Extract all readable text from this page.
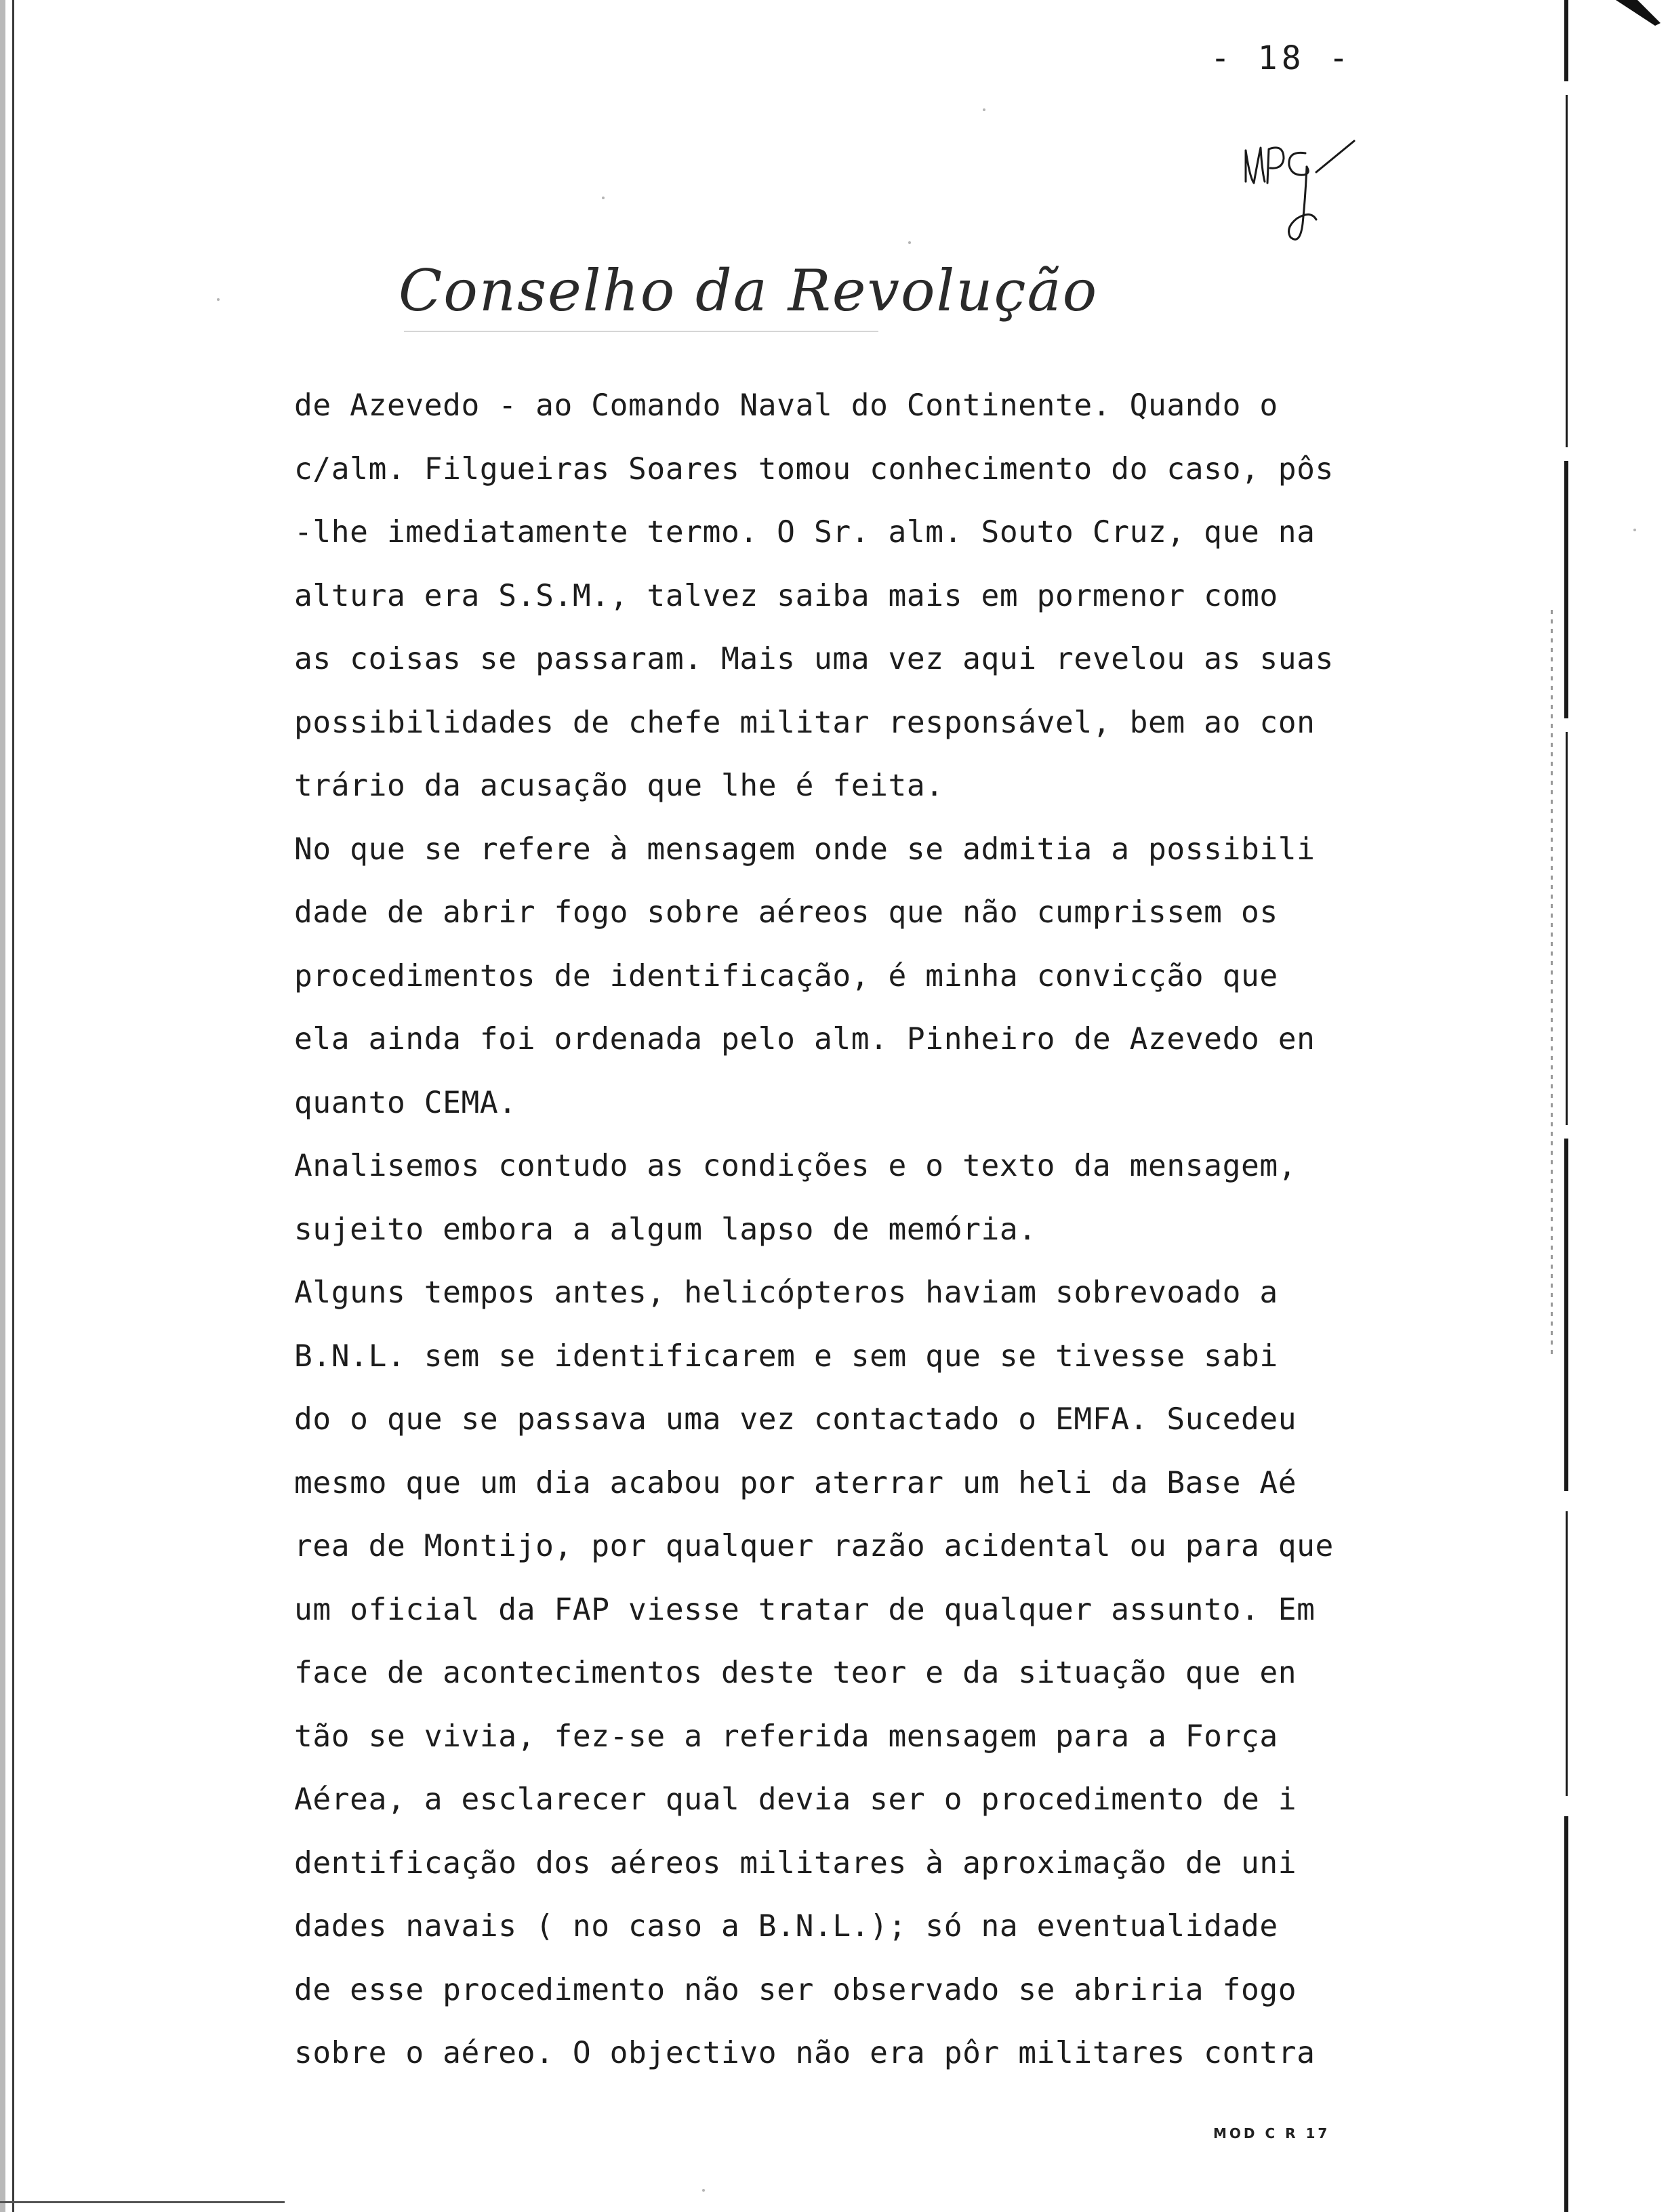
- 18 -
Conselho da Revolução
de Azevedo - ao Comando Naval do Continente. Quando o
c/alm. Filgueiras Soares tomou conhecimento do caso, pôs
-lhe imediatamente termo. O Sr. alm. Souto Cruz, que na
altura era S.S.M., talvez saiba mais em pormenor como
as coisas se passaram. Mais uma vez aqui revelou as suas
possibilidades de chefe militar responsável, bem ao con
trário da acusação que lhe é feita.
No que se refere à mensagem onde se admitia a possibili
dade de abrir fogo sobre aéreos que não cumprissem os
procedimentos de identificação, é minha convicção que
ela ainda foi ordenada pelo alm. Pinheiro de Azevedo en
quanto CEMA.
Analisemos contudo as condições e o texto da mensagem,
sujeito embora a algum lapso de memória.
Alguns tempos antes, helicópteros haviam sobrevoado a
B.N.L. sem se identificarem e sem que se tivesse sabi
do o que se passava uma vez contactado o EMFA. Sucedeu
mesmo que um dia acabou por aterrar um heli da Base Aé
rea de Montijo, por qualquer razão acidental ou para que
um oficial da FAP viesse tratar de qualquer assunto. Em
face de acontecimentos deste teor e da situação que en
tão se vivia, fez-se a referida mensagem para a Força
Aérea, a esclarecer qual devia ser o procedimento de i
dentificação dos aéreos militares à aproximação de uni
dades navais ( no caso a B.N.L.); só na eventualidade
de esse procedimento não ser observado se abriria fogo
sobre o aéreo. O objectivo não era pôr militares contra
MOD C R 17
